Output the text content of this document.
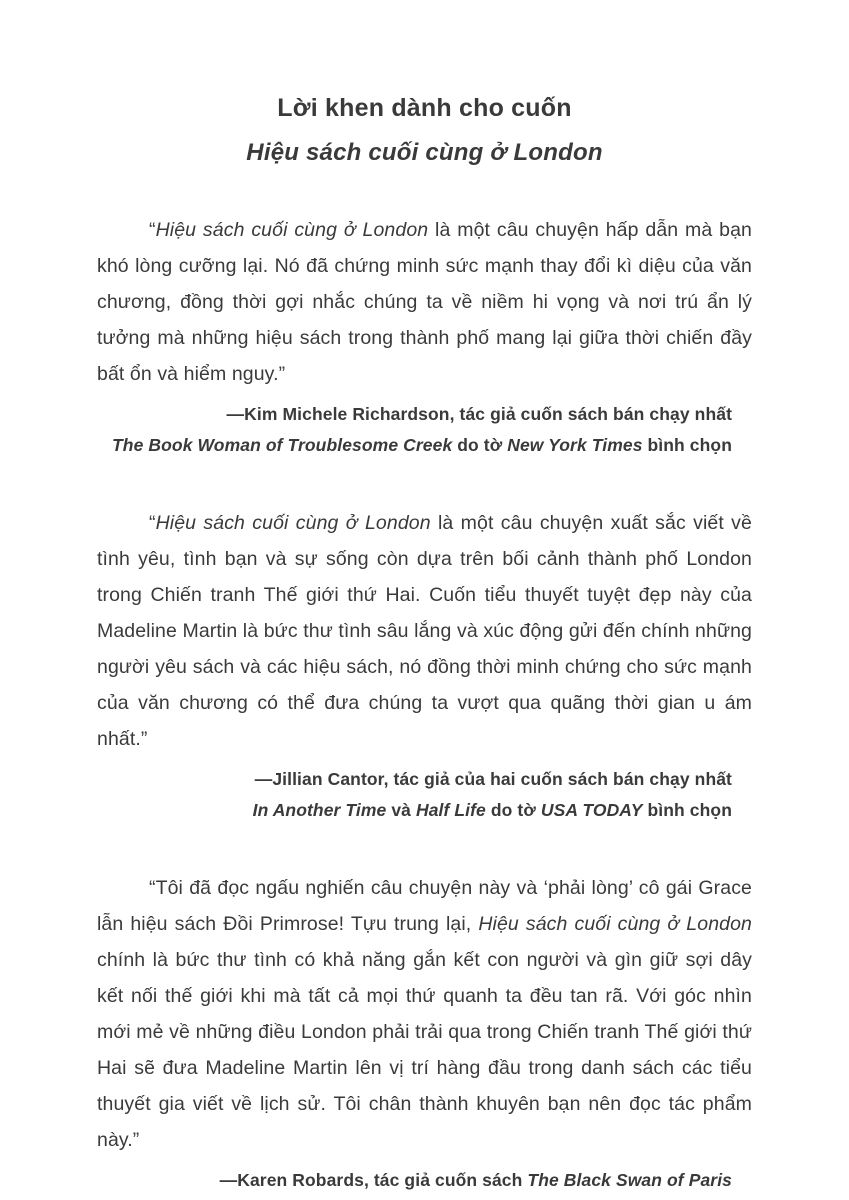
Lời khen dành cho cuốn
Hiệu sách cuối cùng ở London

“Hiệu sách cuối cùng ở London là một câu chuyện hấp dẫn mà bạn khó lòng cưỡng lại. Nó đã chứng minh sức mạnh thay đổi kì diệu của văn chương, đồng thời gợi nhắc chúng ta về niềm hi vọng và nơi trú ẩn lý tưởng mà những hiệu sách trong thành phố mang lại giữa thời chiến đầy bất ổn và hiểm nguy.”

—Kim Michele Richardson, tác giả cuốn sách bán chạy nhất
The Book Woman of Troublesome Creek do tờ New York Times bình chọn

“Hiệu sách cuối cùng ở London là một câu chuyện xuất sắc viết về tình yêu, tình bạn và sự sống còn dựa trên bối cảnh thành phố London trong Chiến tranh Thế giới thứ Hai. Cuốn tiểu thuyết tuyệt đẹp này của Madeline Martin là bức thư tình sâu lắng và xúc động gửi đến chính những người yêu sách và các hiệu sách, nó đồng thời minh chứng cho sức mạnh của văn chương có thể đưa chúng ta vượt qua quãng thời gian u ám nhất.”

—Jillian Cantor, tác giả của hai cuốn sách bán chạy nhất
In Another Time và Half Life do tờ USA TODAY bình chọn

“Tôi đã đọc ngấu nghiến câu chuyện này và ‘phải lòng’ cô gái Grace lẫn hiệu sách Đồi Primrose! Tựu trung lại, Hiệu sách cuối cùng ở London chính là bức thư tình có khả năng gắn kết con người và gìn giữ sợi dây kết nối thế giới khi mà tất cả mọi thứ quanh ta đều tan rã. Với góc nhìn mới mẻ về những điều London phải trải qua trong Chiến tranh Thế giới thứ Hai sẽ đưa Madeline Martin lên vị trí hàng đầu trong danh sách các tiểu thuyết gia viết về lịch sử. Tôi chân thành khuyên bạn nên đọc tác phẩm này.”

—Karen Robards, tác giả cuốn sách The Black Swan of Paris
